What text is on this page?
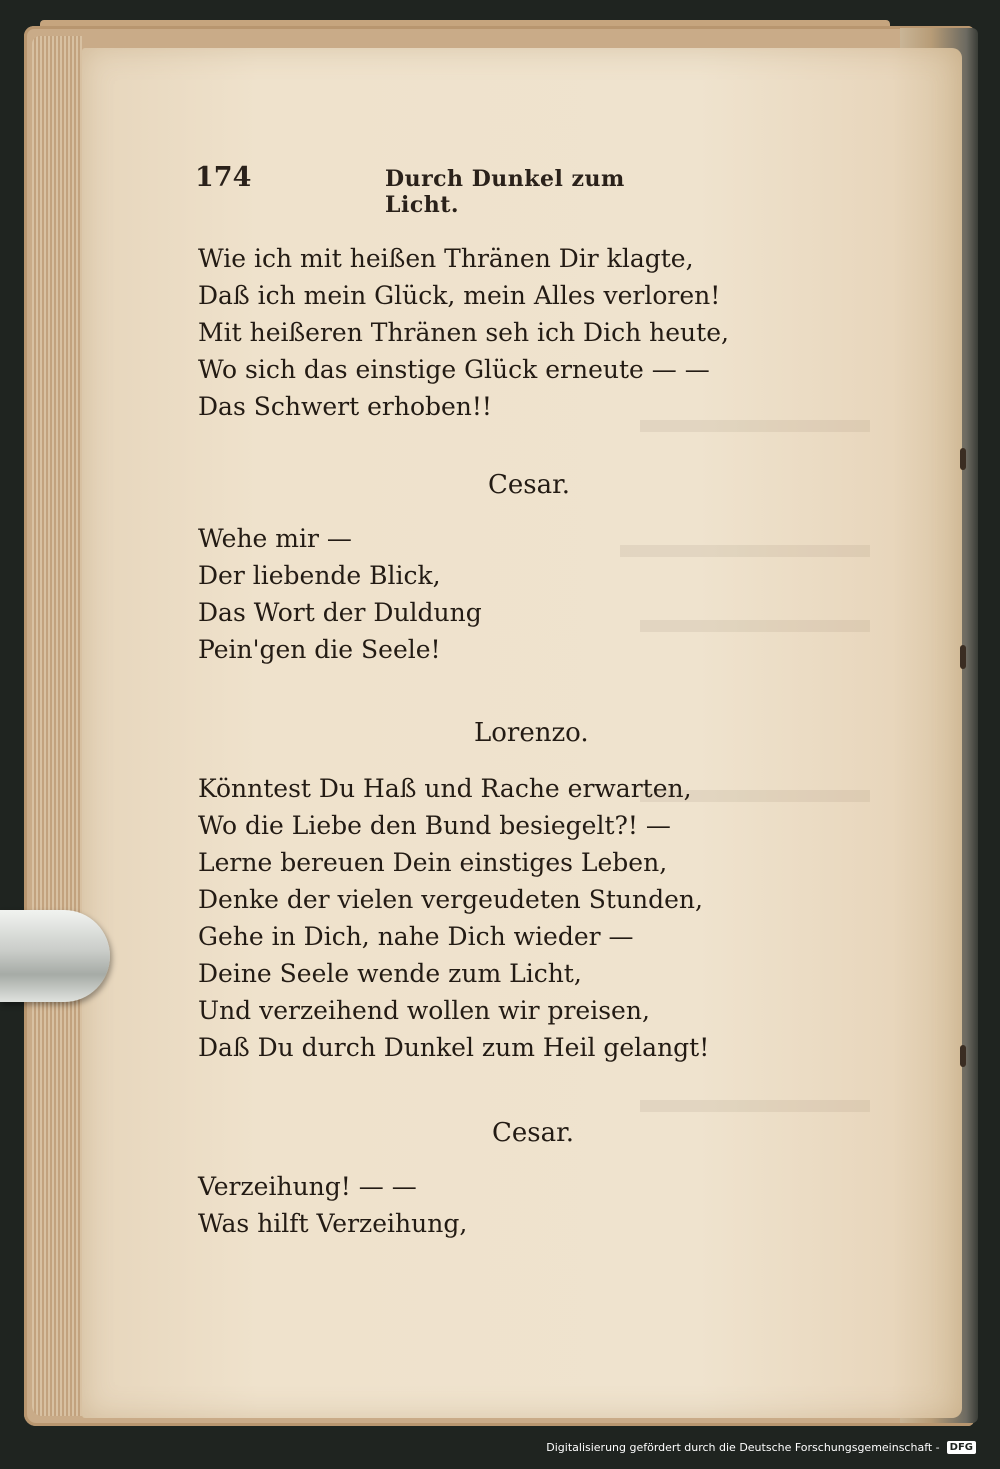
174	Durch Dunkel zum Licht.
Wie ich mit heißen Thränen Dir klagte,
Daß ich mein Glück, mein Alles verloren!
Mit heißeren Thränen seh ich Dich heute,
Wo sich das einstige Glück erneute — —
Das Schwert erhoben!!
Cesar.
Wehe mir —
Der liebende Blick,
Das Wort der Duldung
Pein'gen die Seele!
Lorenzo.
Könntest Du Haß und Rache erwarten,
Wo die Liebe den Bund besiegelt?! —
Lerne bereuen Dein einstiges Leben,
Denke der vielen vergeudeten Stunden,
Gehe in Dich, nahe Dich wieder —
Deine Seele wende zum Licht,
Und verzeihend wollen wir preisen,
Daß Du durch Dunkel zum Heil gelangt!
Cesar.
Verzeihung! — —
Was hilft Verzeihung,
Digitalisierung gefördert durch die Deutsche Forschungsgemeinschaft -	DFG
